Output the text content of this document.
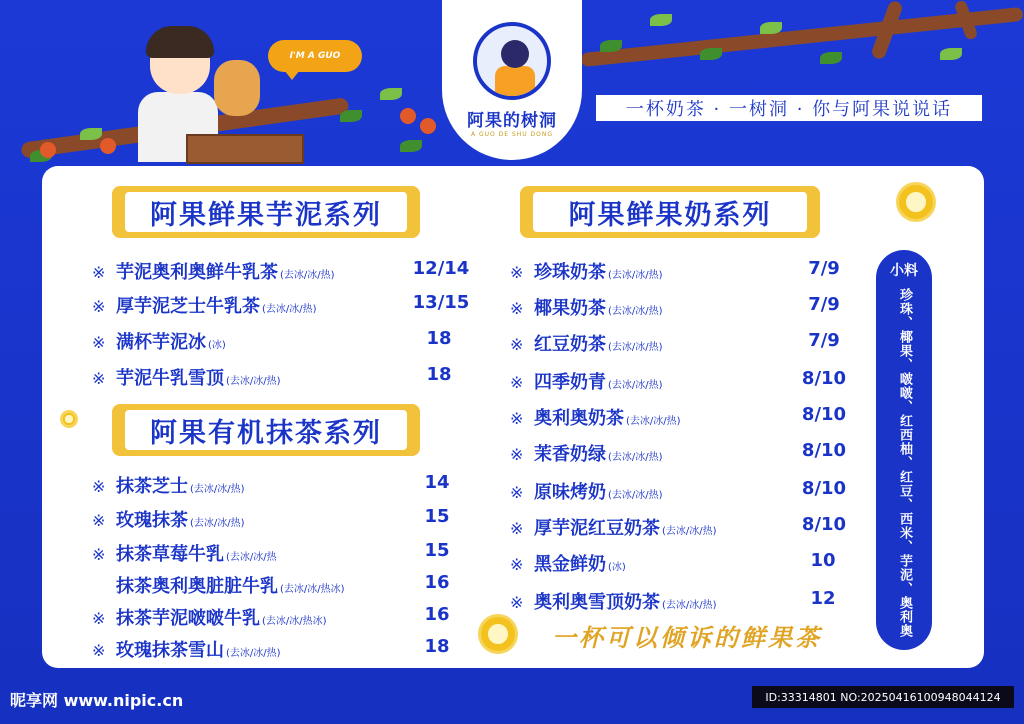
I'M A GUO
阿果的树洞
A GUO DE SHU DONG
一杯奶茶 · 一树洞 · 你与阿果说说话
阿果鲜果芋泥系列
阿果有机抹茶系列
阿果鲜果奶系列
※ 芋泥奥利奥鲜牛乳茶 (去冰/冰/热)	12/14
※ 厚芋泥芝士牛乳茶 (去冰/冰/热)	13/15
※ 满杯芋泥冰 (冰)	18
※ 芋泥牛乳雪顶 (去冰/冰/热)	18
※ 抹茶芝士 (去冰/冰/热)	14
※ 玫瑰抹茶 (去冰/冰/热)	15
※ 抹茶草莓牛乳 (去冰/冰/热	15
抹茶奥利奥脏脏牛乳 (去冰/冰/热冰)	16
※ 抹茶芋泥啵啵牛乳 (去冰/冰/热冰)	16
※ 玫瑰抹茶雪山 (去冰/冰/热)	18
※ 珍珠奶茶 (去冰/冰/热)	7/9
※ 椰果奶茶 (去冰/冰/热)	7/9
※ 红豆奶茶 (去冰/冰/热)	7/9
※ 四季奶青 (去冰/冰/热)	8/10
※ 奥利奥奶茶 (去冰/冰/热)	8/10
※ 茉香奶绿 (去冰/冰/热)	8/10
※ 原味烤奶 (去冰/冰/热)	8/10
※ 厚芋泥红豆奶茶 (去冰/冰/热)	8/10
※ 黑金鲜奶 (冰)	10
※ 奥利奥雪顶奶茶 (去冰/冰/热)	12
小料
珍珠、椰果、啵啵、红西柚、红豆、西米、芋泥、奥利奥
一杯可以倾诉的鲜果茶
昵享网 www.nipic.cn	ID:33314801 NO:20250416100948044124
